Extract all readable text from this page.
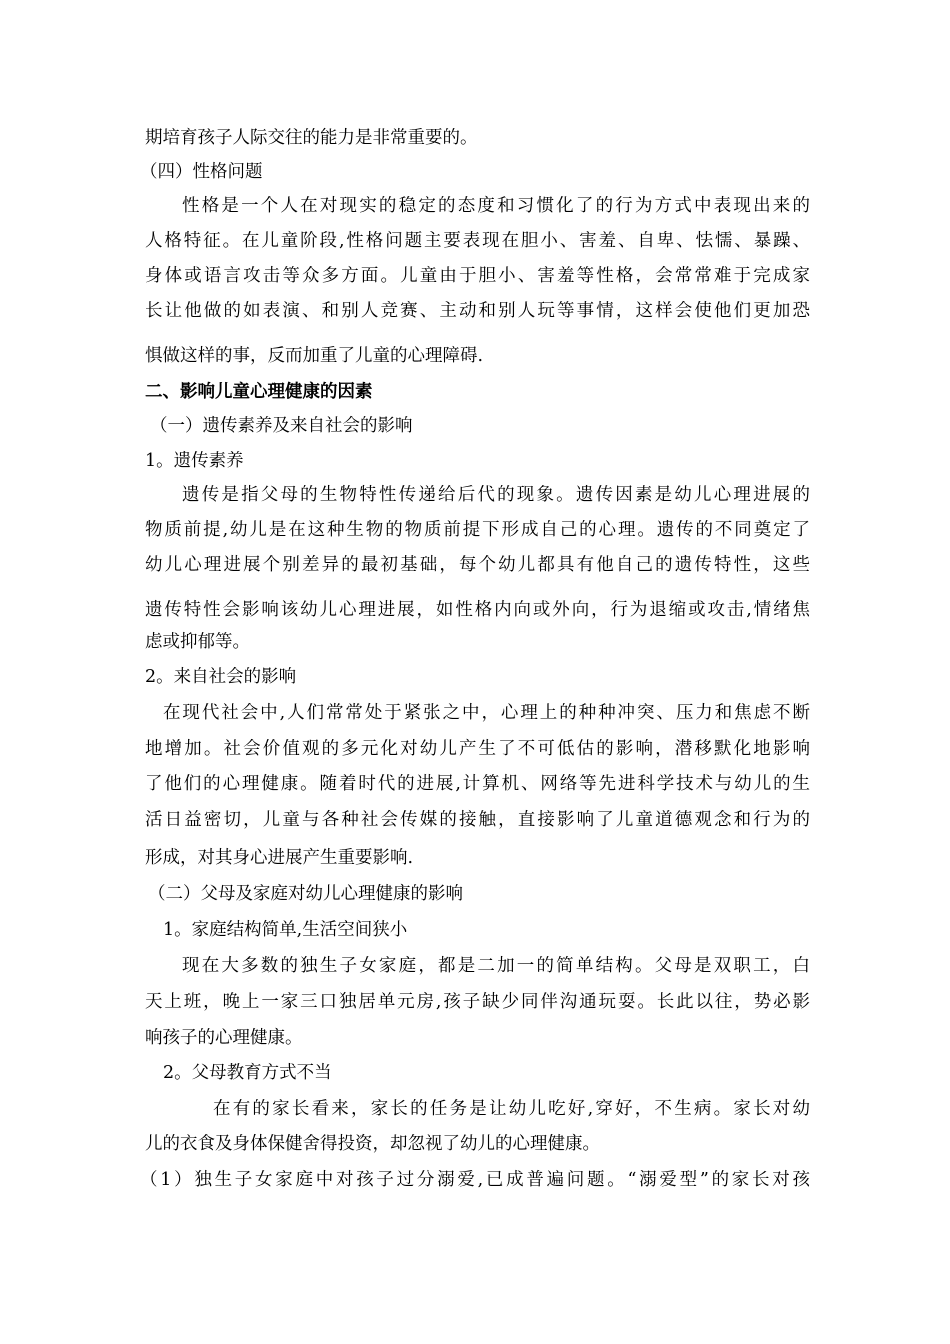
期培育孩子人际交往的能力是非常重要的。
（四）性格问题
性格是一个人在对现实的稳定的态度和习惯化了的行为方式中表现出来的
人格特征。在儿童阶段,性格问题主要表现在胆小、害羞、自卑、怯懦、暴躁、
身体或语言攻击等众多方面。儿童由于胆小、害羞等性格，会常常难于完成家
长让他做的如表演、和别人竞赛、主动和别人玩等事情，这样会使他们更加恐
惧做这样的事，反而加重了儿童的心理障碍.
二、影响儿童心理健康的因素
（一）遗传素养及来自社会的影响
1。遗传素养
遗传是指父母的生物特性传递给后代的现象。遗传因素是幼儿心理进展的
物质前提,幼儿是在这种生物的物质前提下形成自己的心理。遗传的不同奠定了
幼儿心理进展个别差异的最初基础，每个幼儿都具有他自己的遗传特性，这些
遗传特性会影响该幼儿心理进展，如性格内向或外向，行为退缩或攻击,情绪焦
虑或抑郁等。
2。来自社会的影响
在现代社会中,人们常常处于紧张之中，心理上的种种冲突、压力和焦虑不断
地增加。社会价值观的多元化对幼儿产生了不可低估的影响，潜移默化地影响
了他们的心理健康。随着时代的进展,计算机、网络等先进科学技术与幼儿的生
活日益密切，儿童与各种社会传媒的接触，直接影响了儿童道德观念和行为的
形成，对其身心进展产生重要影响.
（二）父母及家庭对幼儿心理健康的影响
1。家庭结构简单,生活空间狭小
现在大多数的独生子女家庭，都是二加一的简单结构。父母是双职工，白
天上班，晚上一家三口独居单元房,孩子缺少同伴沟通玩耍。长此以往，势必影
响孩子的心理健康。
2。父母教育方式不当
在有的家长看来，家长的任务是让幼儿吃好,穿好，不生病。家长对幼
儿的衣食及身体保健舍得投资，却忽视了幼儿的心理健康。
（1）独生子女家庭中对孩子过分溺爱,已成普遍问题。“溺爱型”的家长对孩
